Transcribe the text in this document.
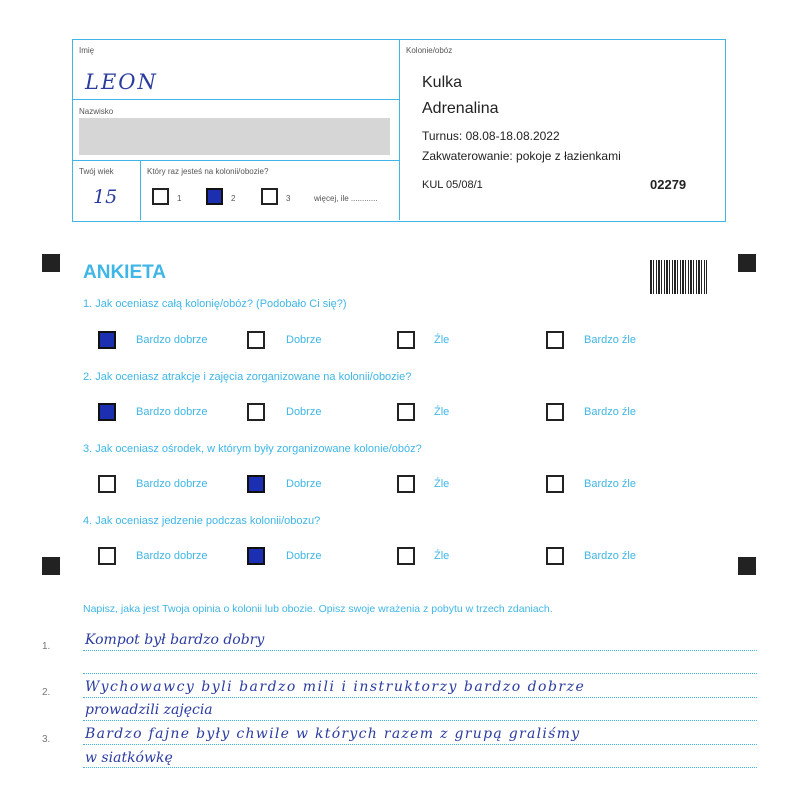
Imię
LEON
Nazwisko
Twój wiek
15
Który raz jesteś na kolonii/obozie?
1	2	3	więcej, ile ............
Kolonie/obóz
Kulka
Adrenalina
Turnus: 08.08-18.08.2022
Zakwaterowanie: pokoje z łazienkami
KUL 05/08/1	02279
ANKIETA
1. Jak oceniasz całą kolonię/obóz? (Podobało Ci się?)
Bardzo dobrze	Dobrze	Źle	Bardzo źle
2. Jak oceniasz atrakcje i zajęcia zorganizowane na kolonii/obozie?
Bardzo dobrze	Dobrze	Źle	Bardzo źle
3. Jak oceniasz ośrodek, w którym były zorganizowane kolonie/obóz?
Bardzo dobrze	Dobrze	Źle	Bardzo źle
4. Jak oceniasz jedzenie podczas kolonii/obozu?
Bardzo dobrze	Dobrze	Źle	Bardzo źle
Napisz, jaka jest Twoja opinia o kolonii lub obozie. Opisz swoje wrażenia z pobytu w trzech zdaniach.
1.
2.
3.
Kompot był bardzo dobry
Wychowawcy byli bardzo mili i instruktorzy bardzo dobrze
prowadzili zajęcia
Bardzo fajne były chwile w których razem z grupą graliśmy
w siatkówkę
